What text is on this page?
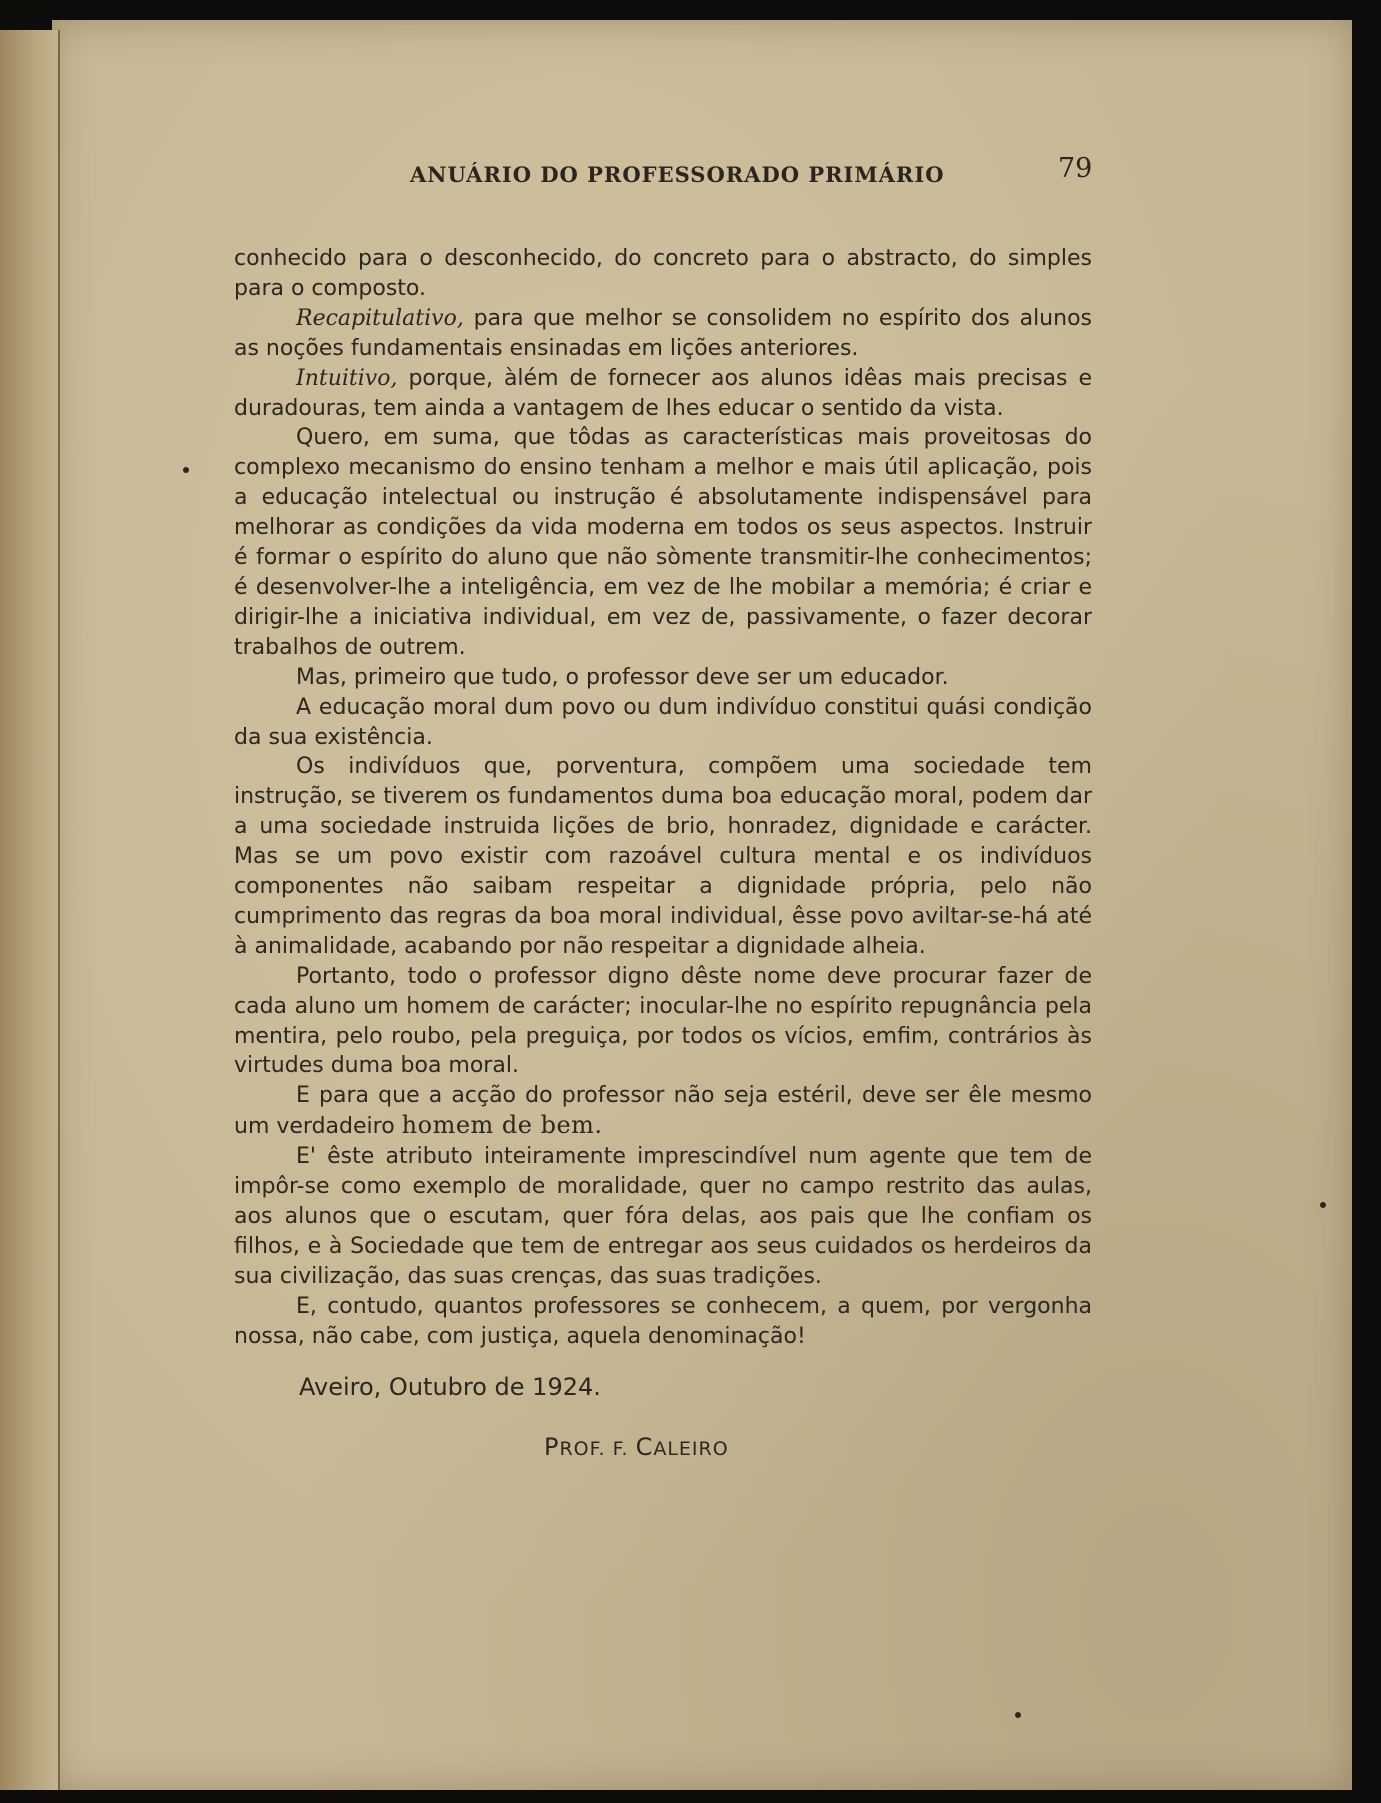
ANUÁRIO DO PROFESSORADO PRIMÁRIO	79

conhecido para o desconhecido, do concreto para o abstracto, do simples para o composto.

Recapitulativo, para que melhor se consolidem no espírito dos alunos as noções fundamentais ensinadas em lições anteriores.

Intuitivo, porque, àlém de fornecer aos alunos idêas mais precisas e duradouras, tem ainda a vantagem de lhes educar o sentido da vista.

Quero, em suma, que tôdas as características mais proveitosas do complexo mecanismo do ensino tenham a melhor e mais útil aplicação, pois a educação intelectual ou instrução é absolutamente indispensável para melhorar as condições da vida moderna em todos os seus aspectos. Instruir é formar o espírito do aluno que não sòmente transmitir-lhe conhecimentos; é desenvolver-lhe a inteligência, em vez de lhe mobilar a memória; é criar e dirigir-lhe a iniciativa individual, em vez de, passivamente, o fazer decorar trabalhos de outrem.

Mas, primeiro que tudo, o professor deve ser um educador.

A educação moral dum povo ou dum indivíduo constitui quási condição da sua existência.

Os indivíduos que, porventura, compõem uma sociedade tem instrução, se tiverem os fundamentos duma boa educação moral, podem dar a uma sociedade instruida lições de brio, honradez, dignidade e carácter. Mas se um povo existir com razoável cultura mental e os indivíduos componentes não saibam respeitar a dignidade própria, pelo não cumprimento das regras da boa moral individual, êsse povo aviltar-se-há até à animalidade, acabando por não respeitar a dignidade alheia.

Portanto, todo o professor digno dêste nome deve procurar fazer de cada aluno um homem de carácter; inocular-lhe no espírito repugnância pela mentira, pelo roubo, pela preguiça, por todos os vícios, emfim, contrários às virtudes duma boa moral.

E para que a acção do professor não seja estéril, deve ser êle mesmo um verdadeiro homem de bem.

E' êste atributo inteiramente imprescindível num agente que tem de impôr-se como exemplo de moralidade, quer no campo restrito das aulas, aos alunos que o escutam, quer fóra delas, aos pais que lhe confiam os filhos, e à Sociedade que tem de entregar aos seus cuidados os herdeiros da sua civilização, das suas crenças, das suas tradições.

E, contudo, quantos professores se conhecem, a quem, por vergonha nossa, não cabe, com justiça, aquela denominação!

Aveiro, Outubro de 1924.
PROF. F. CALEIRO
